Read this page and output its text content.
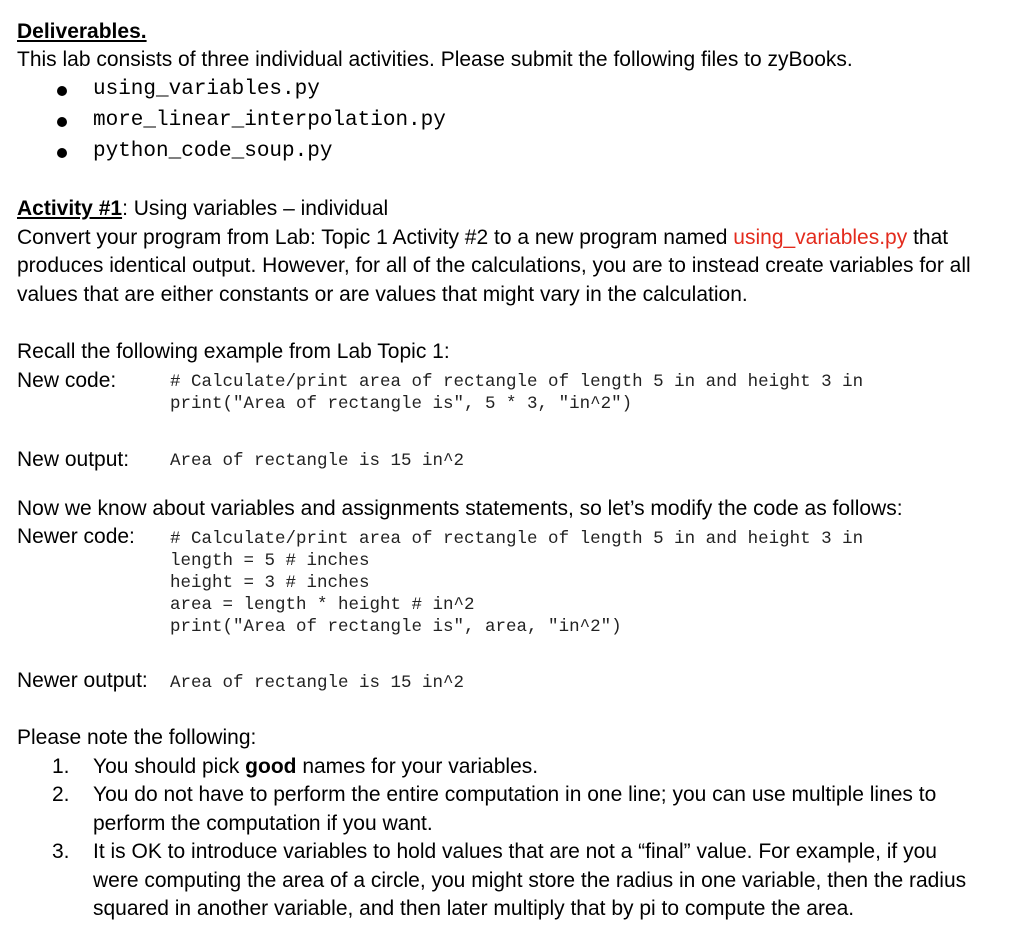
Deliverables.
This lab consists of three individual activities. Please submit the following files to zyBooks.
using_variables.py
more_linear_interpolation.py
python_code_soup.py
Activity #1: Using variables – individual
Convert your program from Lab: Topic 1 Activity #2 to a new program named using_variables.py that
produces identical output. However, for all of the calculations, you are to instead create variables for all
values that are either constants or are values that might vary in the calculation.
Recall the following example from Lab Topic 1:
New code:	# Calculate/print area of rectangle of length 5 in and height 3 in
print("Area of rectangle is", 5 * 3, "in^2")
New output: Area of rectangle is 15 in^2
Now we know about variables and assignments statements, so let’s modify the code as follows:
Newer code: # Calculate/print area of rectangle of length 5 in and height 3 in
length = 5 # inches
height = 3 # inches
area = length * height # in^2
print("Area of rectangle is", area, "in^2")
Newer output: Area of rectangle is 15 in^2
Please note the following:
1. You should pick good names for your variables.
2. You do not have to perform the entire computation in one line; you can use multiple lines to
perform the computation if you want.
3. It is OK to introduce variables to hold values that are not a “final” value. For example, if you
were computing the area of a circle, you might store the radius in one variable, then the radius
squared in another variable, and then later multiply that by pi to compute the area.
